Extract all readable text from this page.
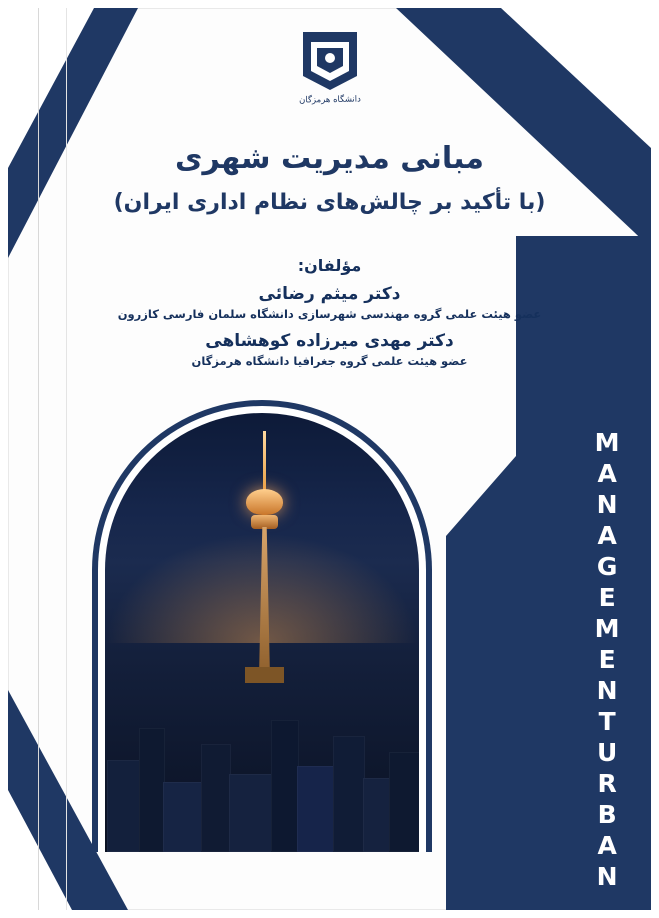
دانشگاه هرمزگان
مبانی مدیریت شهری
(با تأکید بر چالش‌های نظام اداری ایران)
مؤلفان:
دکتر میثم رضائی
عضو هیئت علمی گروه مهندسی شهرسازی دانشگاه سلمان فارسی کازرون
دکتر مهدی میرزاده کوهشاهی
عضو هیئت علمی گروه جغرافیا دانشگاه هرمزگان
MANAGEMENT
URBAN
